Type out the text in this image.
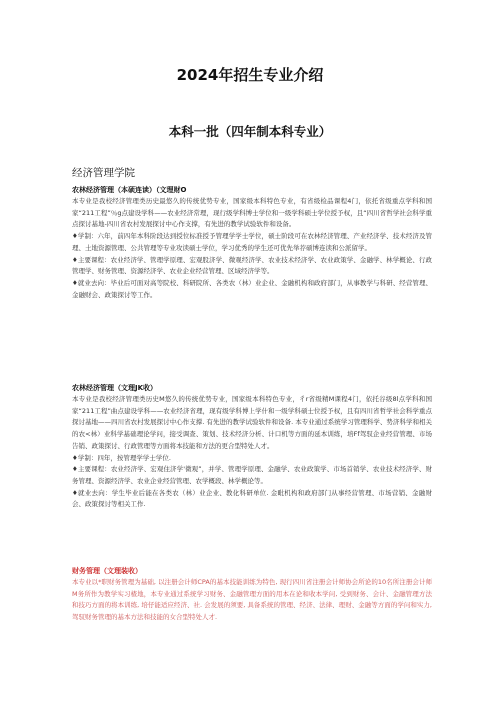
2024年招生专业介绍
本科一批（四年制本科专业）
经济管理学院
农林经济管理（本硕连读）（文理财O

本专业是我校经济管理类历史最悠久的传统优势专业，国家级本科特色专业，有省级检品课程4门，依托省级重点学科和国家“211工程”％g点建设学科——农业经济常理，现行级学科博士学位和一级学科硕士学位授予权，且“四川省哲学社会科学重点探讨基地-四川省农村发展探讨中心作支撑，有先进的教学试验软件和设备。

♦学制：六年，前四年本科阶段达到授位标准授予管理学学士学位，硕士阶段可在农林经济管理、产业经济学、技术经济及管理、土地资源管理、公共管理等专业攻读硕士学位，学习优秀的学生还可优先举荐硕博连读和公派留学。

♦主要课程：农业经济学、管理学原理、宏观股济学、微观经济学、农业技术经济学、农业政策学、金融学、林学概论、行政管理学、财务管理、资源经济学、农业企业经营管理、区域经济学等。

♦就业去向：毕业后可面对高等院校、科研院所、各类农（林）业企业、金融机构和政府部门，从事教学与科研、经营管理、金融财会、政策探讨等工作。

农林经济管理（文理JK收）

本专业是我校经济管理类历史M悠久的传统优势专业，国家级本科特色专业，彳r省级精M课程4门，依托谷级8l点学科和国家“211工程”曲点建设学科——农业经济省理，现有级学科博上学什和一级学科硕士位授予权，且有四川省哲学社会科学重点探讨基地——四川省农村发展探讨中心作支撑. 有先进的教学试验软件和设备. 本专业通过系统学习管理科学、势济科学和相关的农<林）业科学基础理论学问，接受调查、策划、技术经济分析、计口机等方面的延本训练，培Ff驾驭企业经营管理、市场告销、政策探讨、行政管理等方面将本技能和方法的更合型特处人才。

♦学制：四年，按管理学学士学位.

♦主要课程：农业经济学、宏观住济学'微观”，并学、管理学原理、金融学、农业政策学、市场首销学、农业技术经济学、财务管理、资源经济学、农业企业经营管理、农学概段、林学概论等。

♦就业去向：学生毕业后能在各类农（林）业企业、教化科研单位. 金毗机构和政府部门从事经营管理、市场营销、金融财会、政策探讨等相关工作.

财务管理（文理装收）

本专业以*职财务管理为基础, 以注册会计师CPA的基本技能训练为特色, 现行四川省注册会计师协会所论的10名所注册会计师M务所作为教学实习楂地，本专业通过系统学习财务、金融管理方面的用本在论和收本学问, 受到财务、会计、金融管理方法和技巧方面的将本训练, 培仔能适应经济、社. 会发展的须要, 具备系统的管理、经济、法律、理财、金融等方面的学问和实力, 驾驭财务管理的基本方法和技能的女合型特处人才.
